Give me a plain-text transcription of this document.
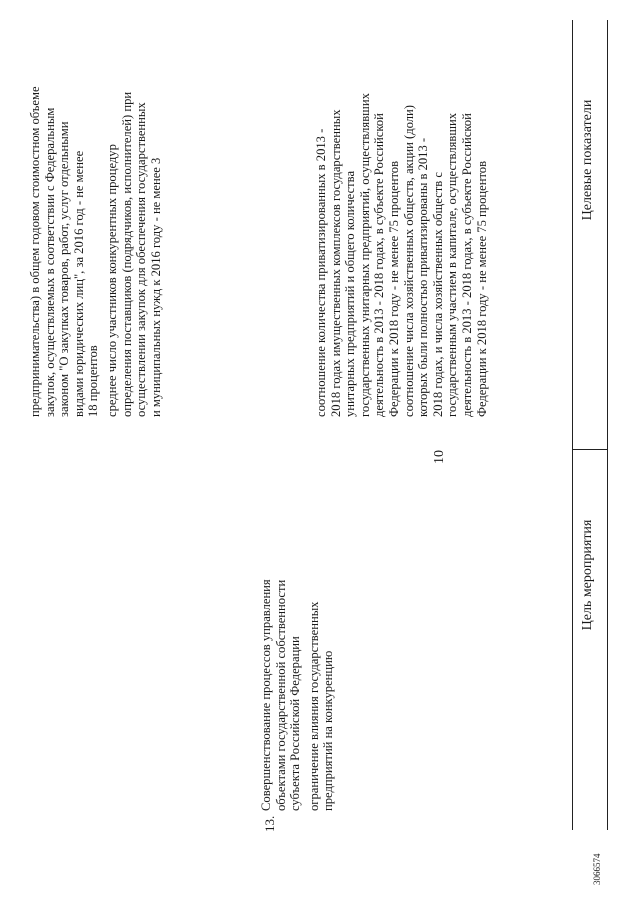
10
Цель мероприятия
Целевые показатели
предпринимательства) в общем годовом стоимостном объеме закупок, осуществляемых в соответствии с Федеральным законом "О закупках товаров, работ, услуг отдельными видами юридических лиц", за 2016 год - не менее 18 процентов среднее число участников конкурентных процедур определения поставщиков (подрядчиков, исполнителей) при осуществлении закупок для обеспечения государственных и муниципальных нужд к 2016 году - не менее 3
13.
Совершенствование процессов управления объектами государственной собственности субъекта Российской Федерации ограничение влияния государственных предприятий на конкуренцию
соотношение количества приватизированных в 2013 - 2018 годах имущественных комплексов государственных унитарных предприятий и общего количества государственных унитарных предприятий, осуществлявших деятельность в 2013 - 2018 годах, в субъекте Российской Федерации к 2018 году - не менее 75 процентов соотношение числа хозяйственных обществ, акции (доли) которых были полностью приватизированы в 2013 - 2018 годах, и числа хозяйственных обществ с государственным участием в капитале, осуществлявших деятельность в 2013 - 2018 годах, в субъекте Российской Федерации к 2018 году - не менее 75 процентов
3066574
